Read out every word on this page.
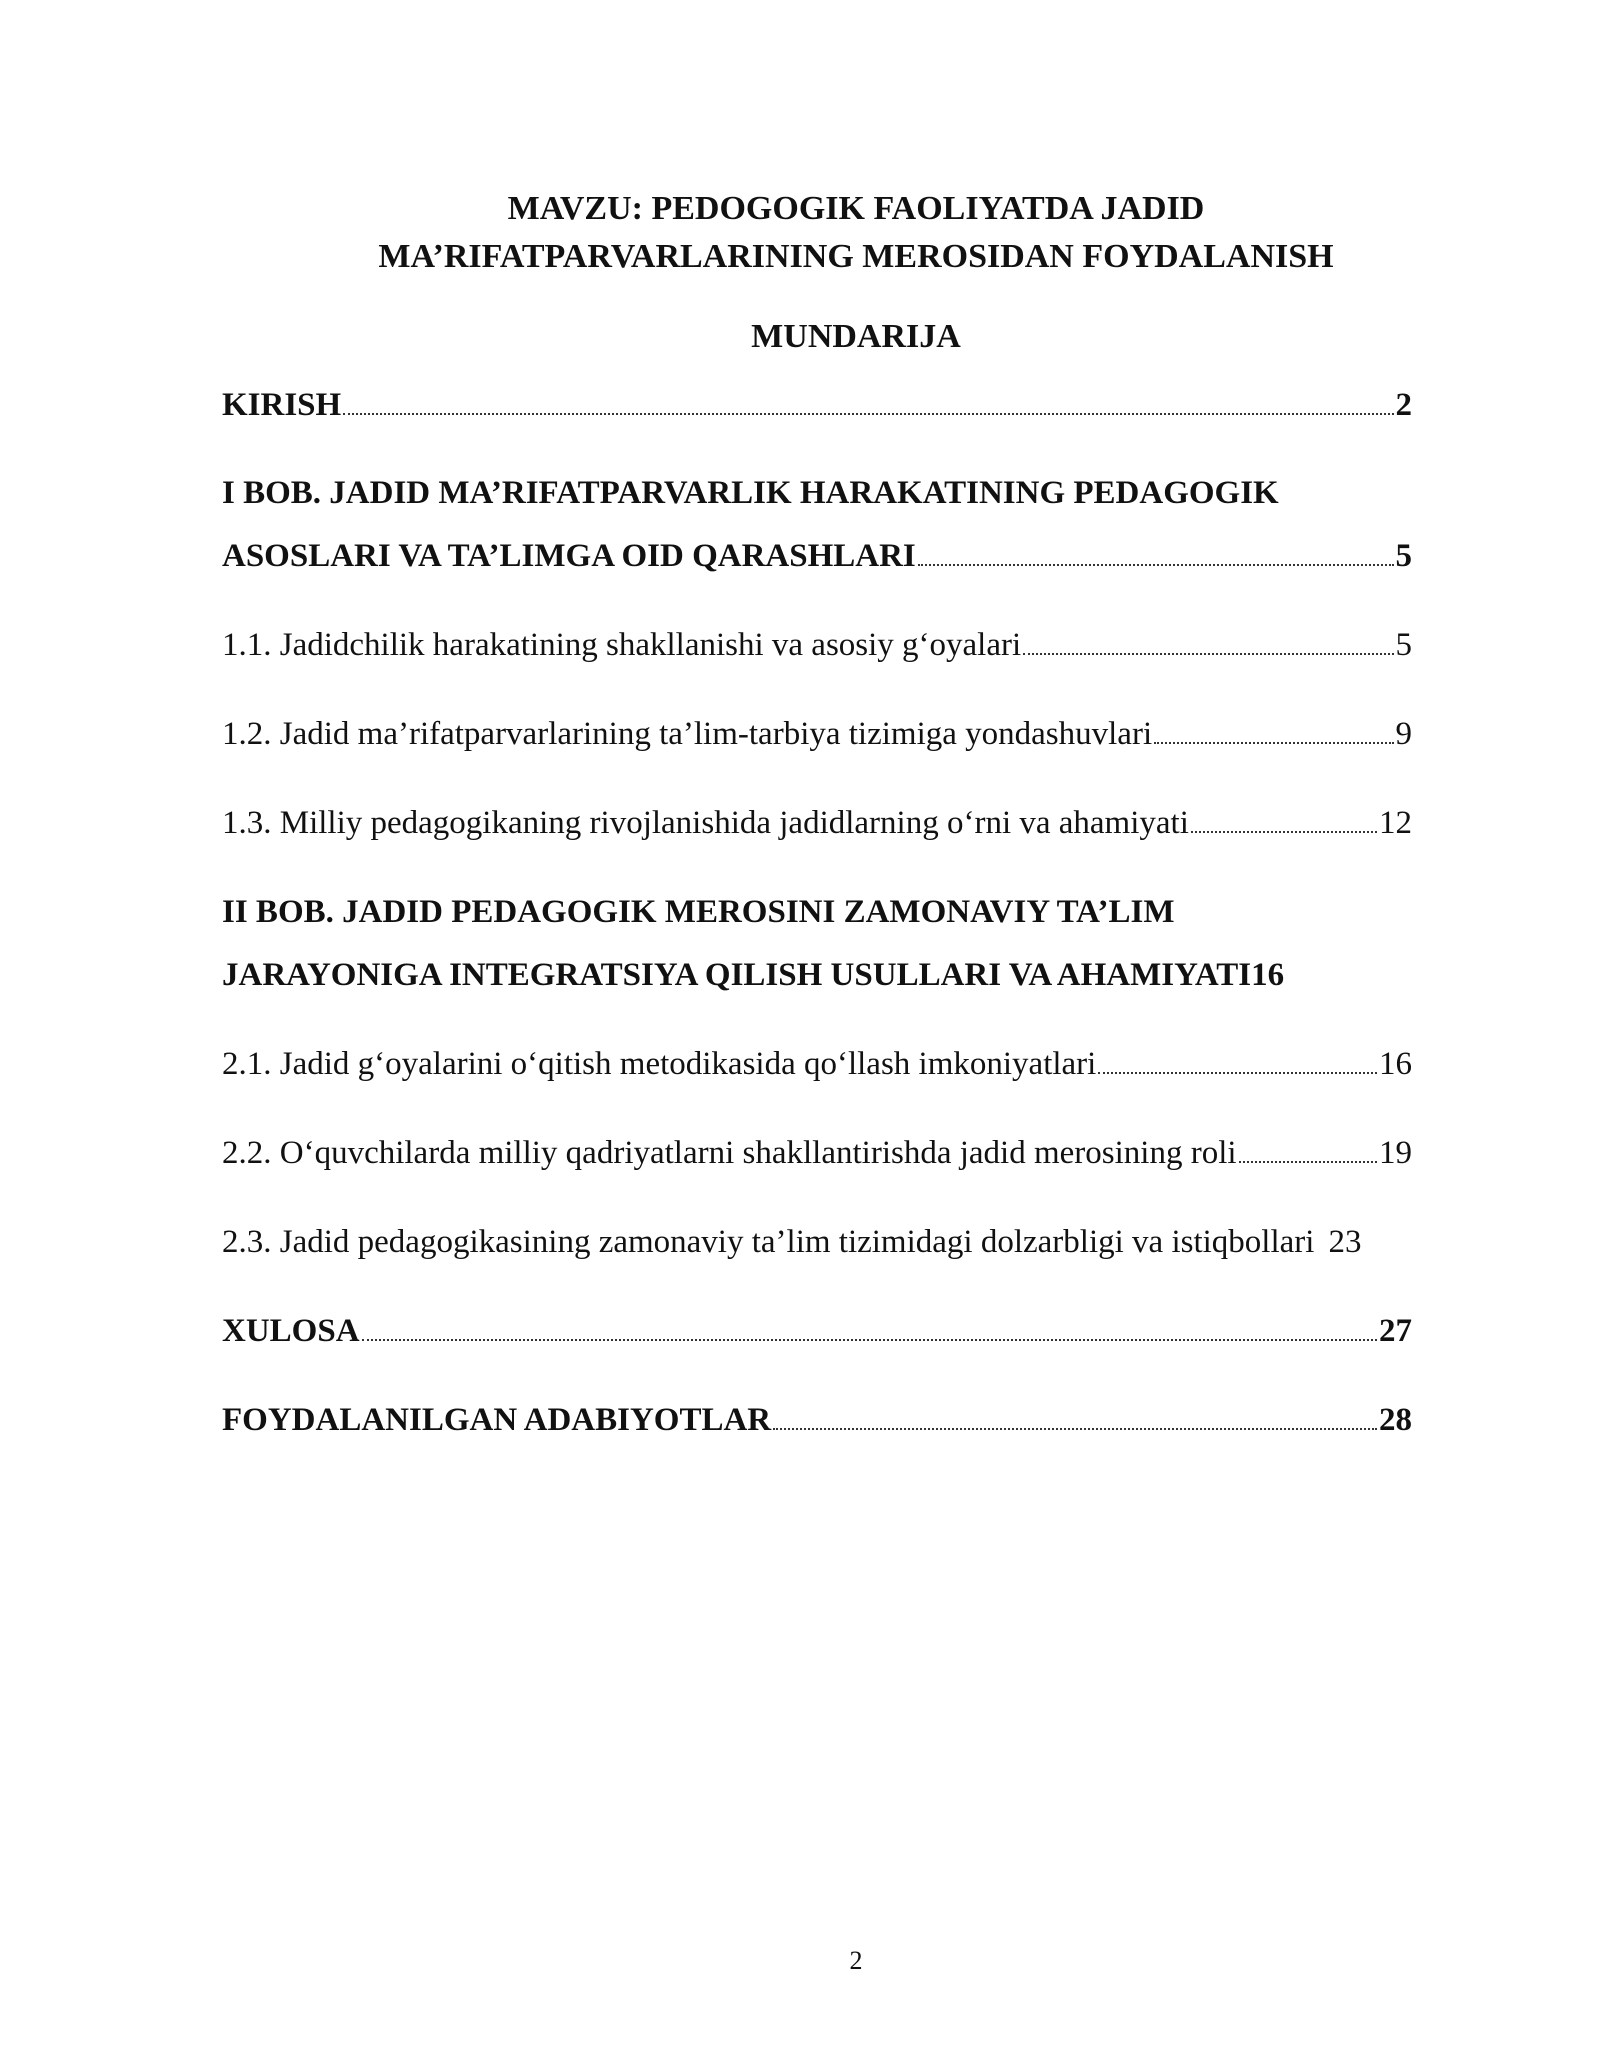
MAVZU: PEDOGOGIK FAOLIYATDA JADID
MA’RIFATPARVARLARINING MEROSIDAN FOYDALANISH
MUNDARIJA
KIRISH	2
I BOB. JADID MA’RIFATPARVARLIK HARAKATINING PEDAGOGIK
ASOSLARI VA TA’LIMGA OID QARASHLARI	5
1.1. Jadidchilik harakatining shakllanishi va asosiy g‘oyalari	5
1.2. Jadid ma’rifatparvarlarining ta’lim-tarbiya tizimiga yondashuvlari	9
1.3. Milliy pedagogikaning rivojlanishida jadidlarning o‘rni va ahamiyati	12
II BOB. JADID PEDAGOGIK MEROSINI ZAMONAVIY TA’LIM
JARAYONIGA INTEGRATSIYA QILISH USULLARI VA AHAMIYATI 16
2.1. Jadid g‘oyalarini o‘qitish metodikasida qo‘llash imkoniyatlari	16
2.2. O‘quvchilarda milliy qadriyatlarni shakllantirishda jadid merosining roli	19
2.3. Jadid pedagogikasining zamonaviy ta’lim tizimidagi dolzarbligi va istiqbollari 23
XULOSA	27
FOYDALANILGAN ADABIYOTLAR	28
2
